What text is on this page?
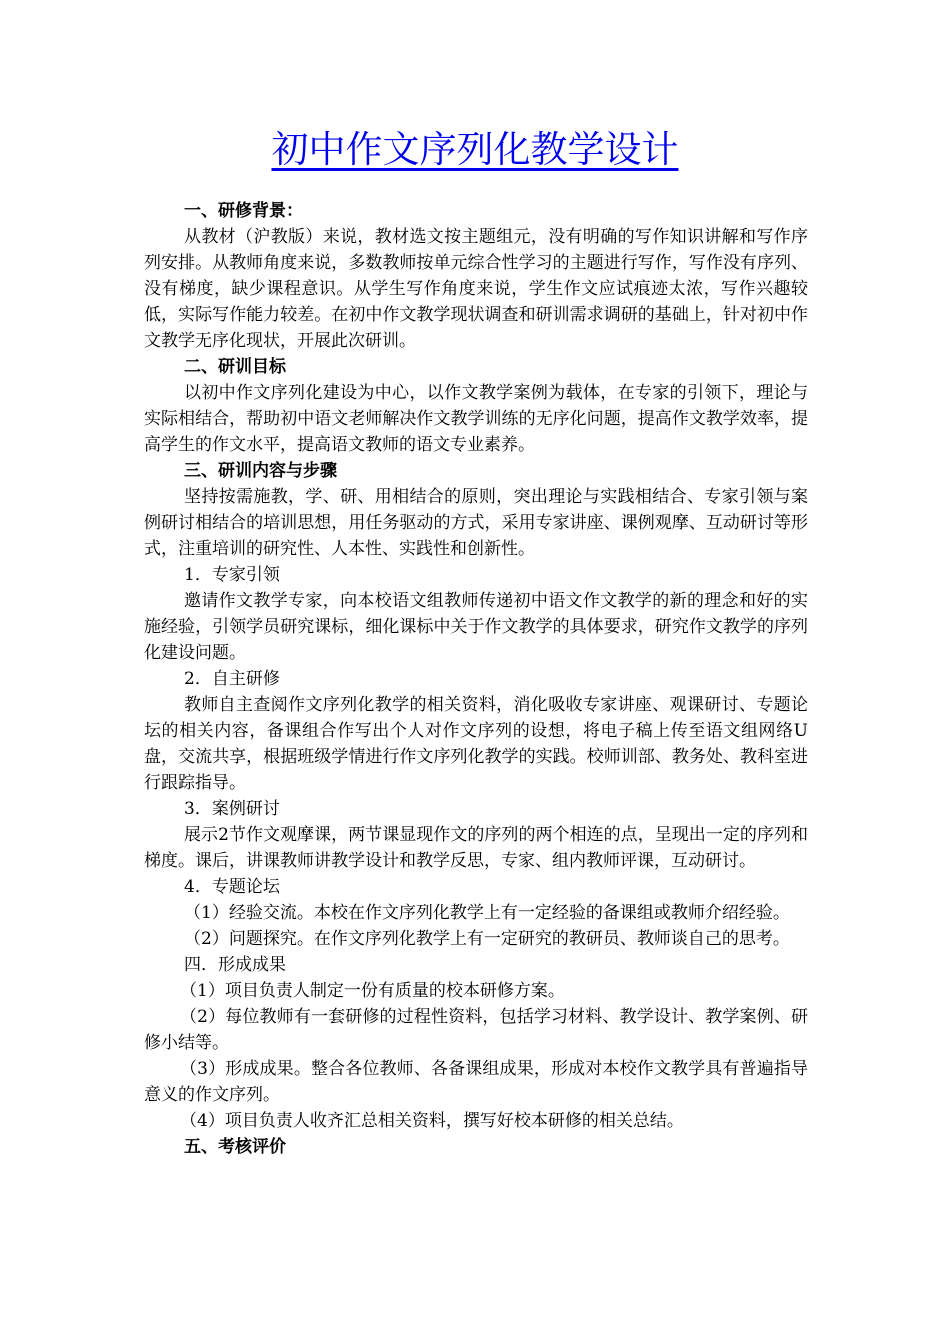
初中作文序列化教学设计

一、研修背景：

从教材（沪教版）来说，教材选文按主题组元，没有明确的写作知识讲解和写作序列安排。从教师角度来说，多数教师按单元综合性学习的主题进行写作，写作没有序列、没有梯度，缺少课程意识。从学生写作角度来说，学生作文应试痕迹太浓，写作兴趣较低，实际写作能力较差。在初中作文教学现状调查和研训需求调研的基础上，针对初中作文教学无序化现状，开展此次研训。

二、研训目标

以初中作文序列化建设为中心，以作文教学案例为载体，在专家的引领下，理论与实际相结合，帮助初中语文老师解决作文教学训练的无序化问题，提高作文教学效率，提高学生的作文水平，提高语文教师的语文专业素养。

三、研训内容与步骤

坚持按需施教，学、研、用相结合的原则，突出理论与实践相结合、专家引领与案例研讨相结合的培训思想，用任务驱动的方式，采用专家讲座、课例观摩、互动研讨等形式，注重培训的研究性、人本性、实践性和创新性。

1．专家引领

邀请作文教学专家，向本校语文组教师传递初中语文作文教学的新的理念和好的实施经验，引领学员研究课标，细化课标中关于作文教学的具体要求，研究作文教学的序列化建设问题。

2．自主研修

教师自主查阅作文序列化教学的相关资料，消化吸收专家讲座、观课研讨、专题论坛的相关内容，备课组合作写出个人对作文序列的设想，将电子稿上传至语文组网络U盘，交流共享，根据班级学情进行作文序列化教学的实践。校师训部、教务处、教科室进行跟踪指导。

3．案例研讨

展示2节作文观摩课，两节课显现作文的序列的两个相连的点，呈现出一定的序列和梯度。课后，讲课教师讲教学设计和教学反思，专家、组内教师评课，互动研讨。

4．专题论坛

（1）经验交流。本校在作文序列化教学上有一定经验的备课组或教师介绍经验。

（2）问题探究。在作文序列化教学上有一定研究的教研员、教师谈自己的思考。

四．形成成果

（1）项目负责人制定一份有质量的校本研修方案。

（2）每位教师有一套研修的过程性资料，包括学习材料、教学设计、教学案例、研修小结等。

（3）形成成果。整合各位教师、各备课组成果，形成对本校作文教学具有普遍指导意义的作文序列。

（4）项目负责人收齐汇总相关资料，撰写好校本研修的相关总结。

五、考核评价
